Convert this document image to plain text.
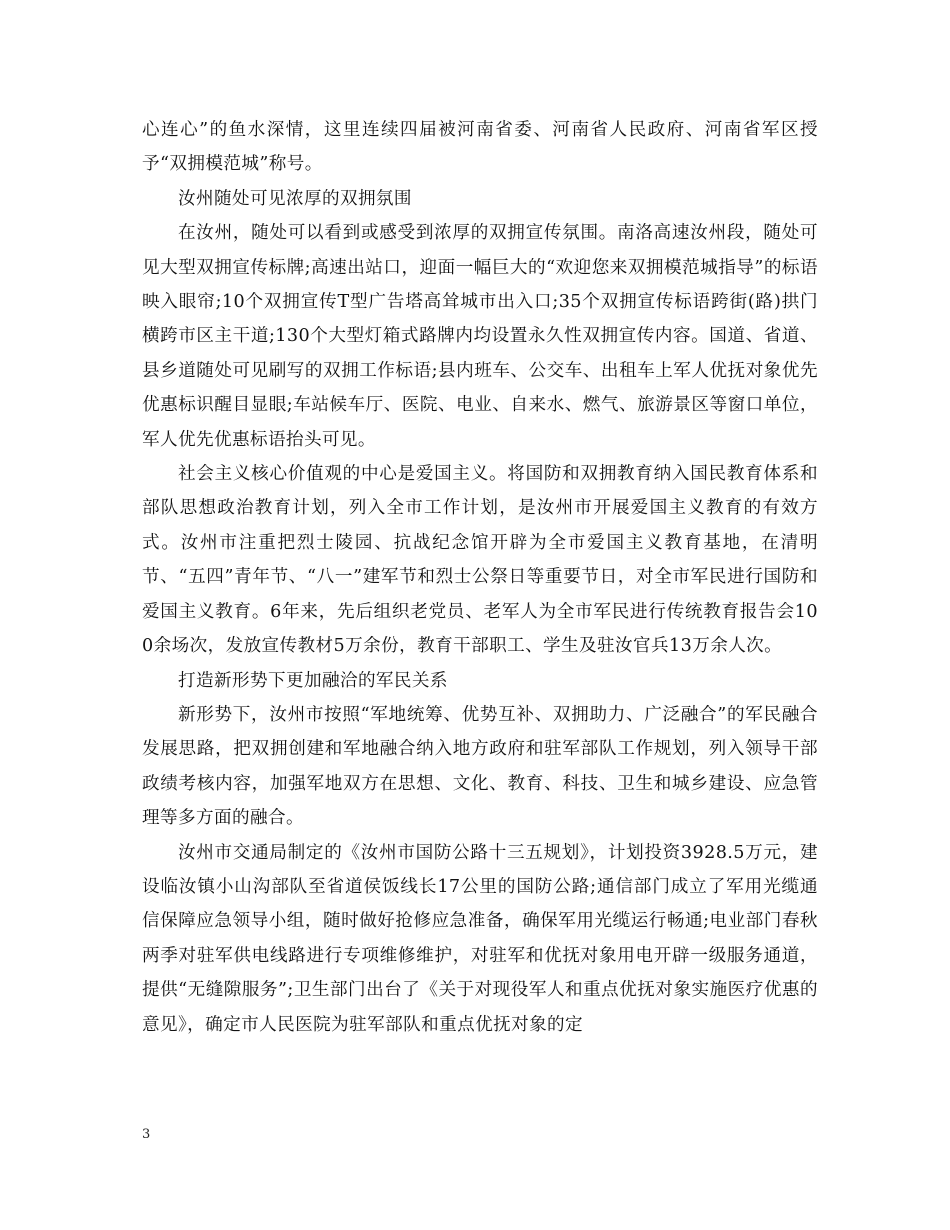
心连心”的鱼水深情，这里连续四届被河南省委、河南省人民政府、河南省军区授予“双拥模范城”称号。

汝州随处可见浓厚的双拥氛围

在汝州，随处可以看到或感受到浓厚的双拥宣传氛围。南洛高速汝州段，随处可见大型双拥宣传标牌;高速出站口，迎面一幅巨大的“欢迎您来双拥模范城指导”的标语映入眼帘;10个双拥宣传T型广告塔高耸城市出入口;35个双拥宣传标语跨街(路)拱门横跨市区主干道;130个大型灯箱式路牌内均设置永久性双拥宣传内容。国道、省道、县乡道随处可见刷写的双拥工作标语;县内班车、公交车、出租车上军人优抚对象优先优惠标识醒目显眼;车站候车厅、医院、电业、自来水、燃气、旅游景区等窗口单位，军人优先优惠标语抬头可见。

社会主义核心价值观的中心是爱国主义。将国防和双拥教育纳入国民教育体系和部队思想政治教育计划，列入全市工作计划，是汝州市开展爱国主义教育的有效方式。汝州市注重把烈士陵园、抗战纪念馆开辟为全市爱国主义教育基地，在清明节、“五四”青年节、“八一”建军节和烈士公祭日等重要节日，对全市军民进行国防和爱国主义教育。6年来，先后组织老党员、老军人为全市军民进行传统教育报告会100余场次，发放宣传教材5万余份，教育干部职工、学生及驻汝官兵13万余人次。

打造新形势下更加融洽的军民关系

新形势下，汝州市按照“军地统筹、优势互补、双拥助力、广泛融合”的军民融合发展思路，把双拥创建和军地融合纳入地方政府和驻军部队工作规划，列入领导干部政绩考核内容，加强军地双方在思想、文化、教育、科技、卫生和城乡建设、应急管理等多方面的融合。

汝州市交通局制定的《汝州市国防公路十三五规划》，计划投资3928.5万元，建设临汝镇小山沟部队至省道侯饭线长17公里的国防公路;通信部门成立了军用光缆通信保障应急领导小组，随时做好抢修应急准备，确保军用光缆运行畅通;电业部门春秋两季对驻军供电线路进行专项维修维护，对驻军和优抚对象用电开辟一级服务通道，提供“无缝隙服务”;卫生部门出台了《关于对现役军人和重点优抚对象实施医疗优惠的意见》，确定市人民医院为驻军部队和重点优抚对象的定

3
